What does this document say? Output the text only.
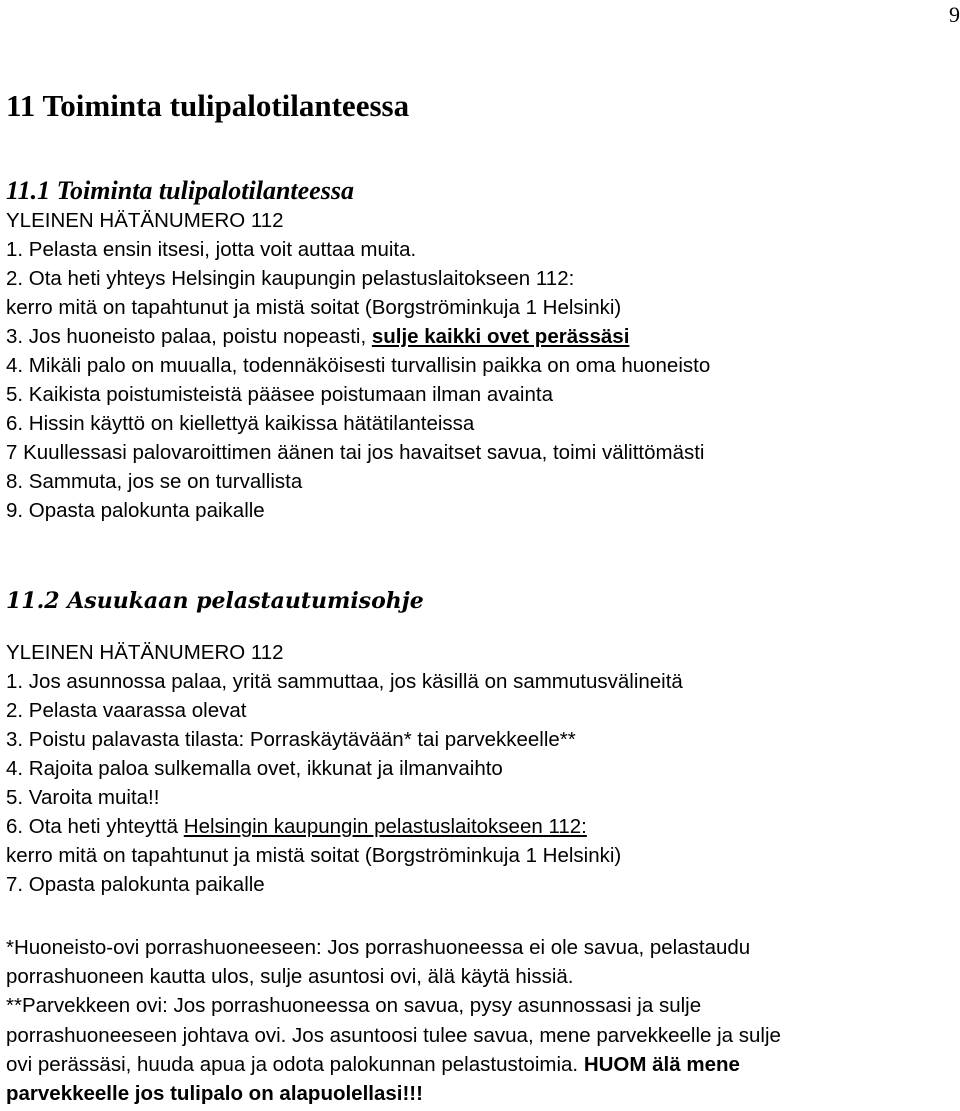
9
11 Toiminta tulipalotilanteessa
11.1 Toiminta tulipalotilanteessa
YLEINEN HÄTÄNUMERO 112
1. Pelasta ensin itsesi, jotta voit auttaa muita.
2. Ota heti yhteys Helsingin kaupungin pelastuslaitokseen 112:
kerro mitä on tapahtunut ja mistä soitat (Borgströminkuja 1 Helsinki)
3. Jos huoneisto palaa, poistu nopeasti, sulje kaikki ovet perässäsi
4. Mikäli palo on muualla, todennäköisesti turvallisin paikka on oma huoneisto
5. Kaikista poistumisteistä pääsee poistumaan ilman avainta
6. Hissin käyttö on kiellettyä kaikissa hätätilanteissa
7 Kuullessasi palovaroittimen äänen tai jos havaitset savua, toimi välittömästi
8. Sammuta, jos se on turvallista
9. Opasta palokunta paikalle
11.2 Asuukaan pelastautumisohje
YLEINEN HÄTÄNUMERO 112
1. Jos asunnossa palaa, yritä sammuttaa, jos käsillä on sammutusvälineitä
2. Pelasta vaarassa olevat
3. Poistu palavasta tilasta: Porraskäytävään* tai parvekkeelle**
4. Rajoita paloa sulkemalla ovet, ikkunat ja ilmanvaihto
5. Varoita muita!!
6. Ota heti yhteyttä Helsingin kaupungin pelastuslaitokseen 112:
kerro mitä on tapahtunut ja mistä soitat (Borgströminkuja 1 Helsinki)
7. Opasta palokunta paikalle
*Huoneisto-ovi porrashuoneeseen: Jos porrashuoneessa ei ole savua, pelastaudu
porrashuoneen kautta ulos, sulje asuntosi ovi, älä käytä hissiä.
**Parvekkeen ovi: Jos porrashuoneessa on savua, pysy asunnossasi ja sulje
porrashuoneeseen johtava ovi. Jos asuntoosi tulee savua, mene parvekkeelle ja sulje
ovi perässäsi, huuda apua ja odota palokunnan pelastustoimia. HUOM älä mene
parvekkeelle jos tulipalo on alapuolellasi!!!
